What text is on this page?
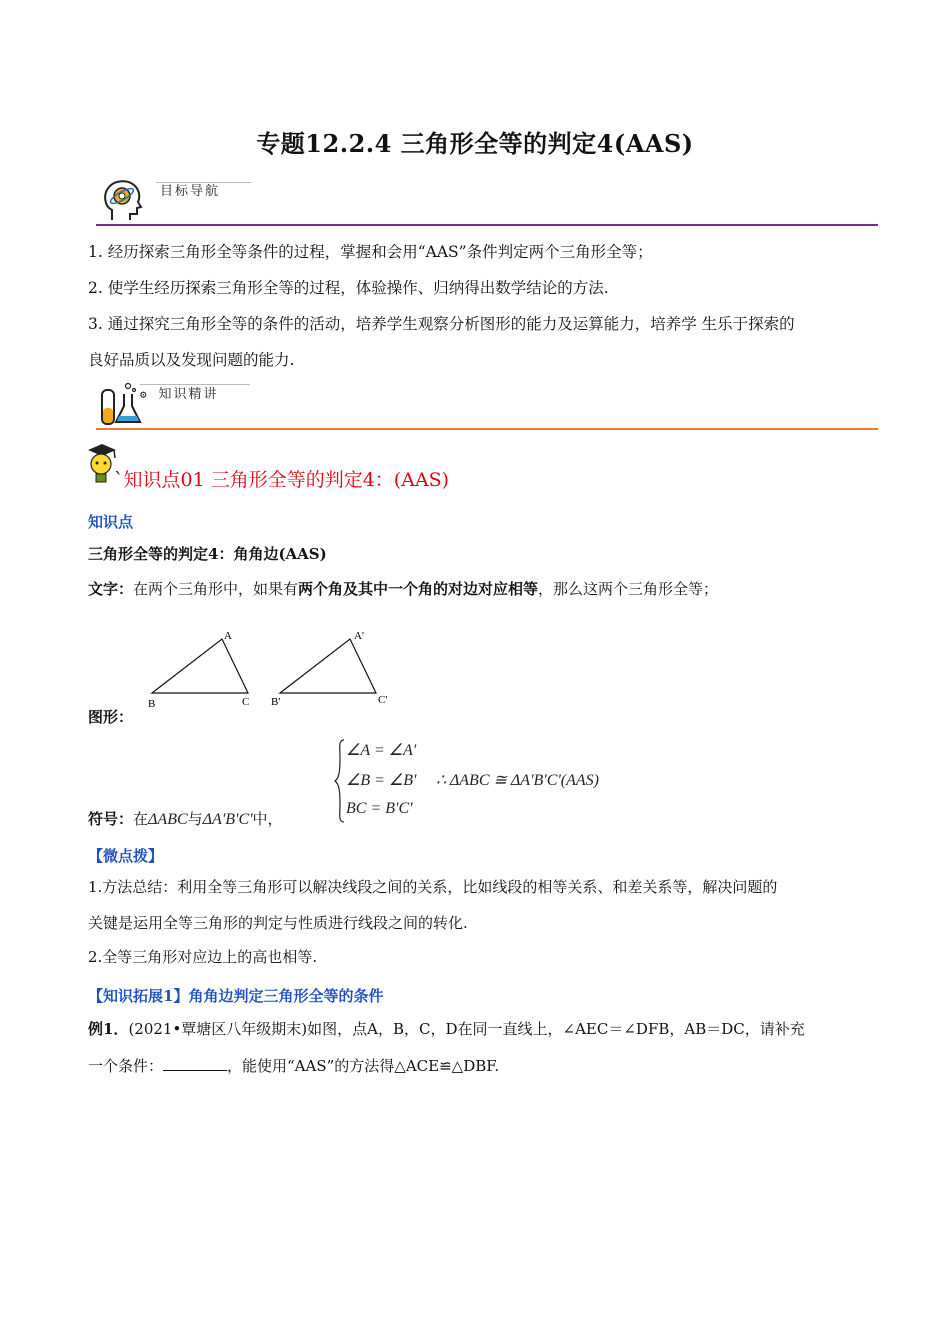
专题12.2.4 三角形全等的判定4(AAS)
目标导航
1. 经历探索三角形全等条件的过程，掌握和会用“AAS”条件判定两个三角形全等；
2. 使学生经历探索三角形全等的过程，体验操作、归纳得出数学结论的方法.
3. 通过探究三角形全等的条件的活动，培养学生观察分析图形的能力及运算能力，培养学 生乐于探索的
良好品质以及发现问题的能力.
⚙ 知识精讲
`知识点01 三角形全等的判定4：(AAS)
知识点
三角形全等的判定4：角角边(AAS)
文字：在两个三角形中，如果有两个角及其中一个角的对边对应相等，那么这两个三角形全等；
A
B	C
A'
B'	C'
图形：
∠A = ∠A'
∠B = ∠B'
BC = B'C'
∴ ΔABC ≅ ΔA'B'C'(AAS)
符号：在ΔABC与ΔA'B'C'中，
【微点拨】
1.方法总结：利用全等三角形可以解决线段之间的关系，比如线段的相等关系、和差关系等，解决问题的
关键是运用全等三角形的判定与性质进行线段之间的转化.
2.全等三角形对应边上的高也相等.
【知识拓展1】角角边判定三角形全等的条件
例1．(2021•覃塘区八年级期末)如图，点A，B，C，D在同一直线上，∠AEC＝∠DFB，AB＝DC，请补充
一个条件：	，能使用“AAS”的方法得△ACE≌△DBF.
